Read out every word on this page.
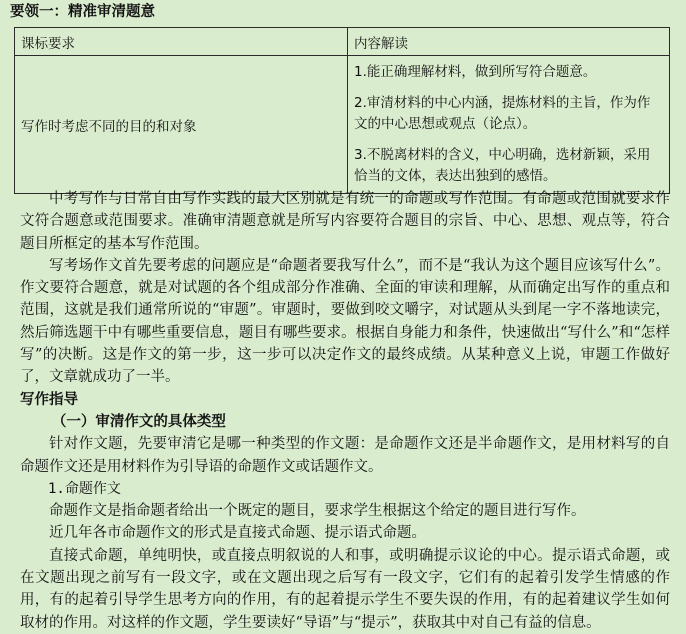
要领一：精准审清题意
课标要求	内容解读
写作时考虑不同的目的和对象	1.能正确理解材料，做到所写符合题意。

2.审清材料的中心内涵，提炼材料的主旨，作为作文的中心思想或观点（论点）。

3.不脱离材料的含义，中心明确，选材新颖，采用恰当的文体，表达出独到的感悟。

中考写作与日常自由写作实践的最大区别就是有统一的命题或写作范围。有命题或范围就要求作文符合题意或范围要求。准确审清题意就是所写内容要符合题目的宗旨、中心、思想、观点等，符合题目所框定的基本写作范围。

写考场作文首先要考虑的问题应是“命题者要我写什么”，而不是“我认为这个题目应该写什么”。作文要符合题意，就是对试题的各个组成部分作准确、全面的审读和理解，从而确定出写作的重点和范围，这就是我们通常所说的“审题”。审题时，要做到咬文嚼字，对试题从头到尾一字不落地读完，然后筛选题干中有哪些重要信息，题目有哪些要求。根据自身能力和条件，快速做出“写什么”和“怎样写”的决断。这是作文的第一步，这一步可以决定作文的最终成绩。从某种意义上说，审题工作做好了，文章就成功了一半。

写作指导

（一）审清作文的具体类型

针对作文题，先要审清它是哪一种类型的作文题：是命题作文还是半命题作文，是用材料写的自命题作文还是用材料作为引导语的命题作文或话题作文。

1.命题作文

命题作文是指命题者给出一个既定的题目，要求学生根据这个给定的题目进行写作。

近几年各市命题作文的形式是直接式命题、提示语式命题。

直接式命题，单纯明快，或直接点明叙说的人和事，或明确提示议论的中心。提示语式命题，或在文题出现之前写有一段文字，或在文题出现之后写有一段文字，它们有的起着引发学生情感的作用，有的起着引导学生思考方向的作用，有的起着提示学生不要失误的作用，有的起着建议学生如何取材的作用。对这样的作文题，学生要读好“导语”与“提示”，获取其中对自己有益的信息。
